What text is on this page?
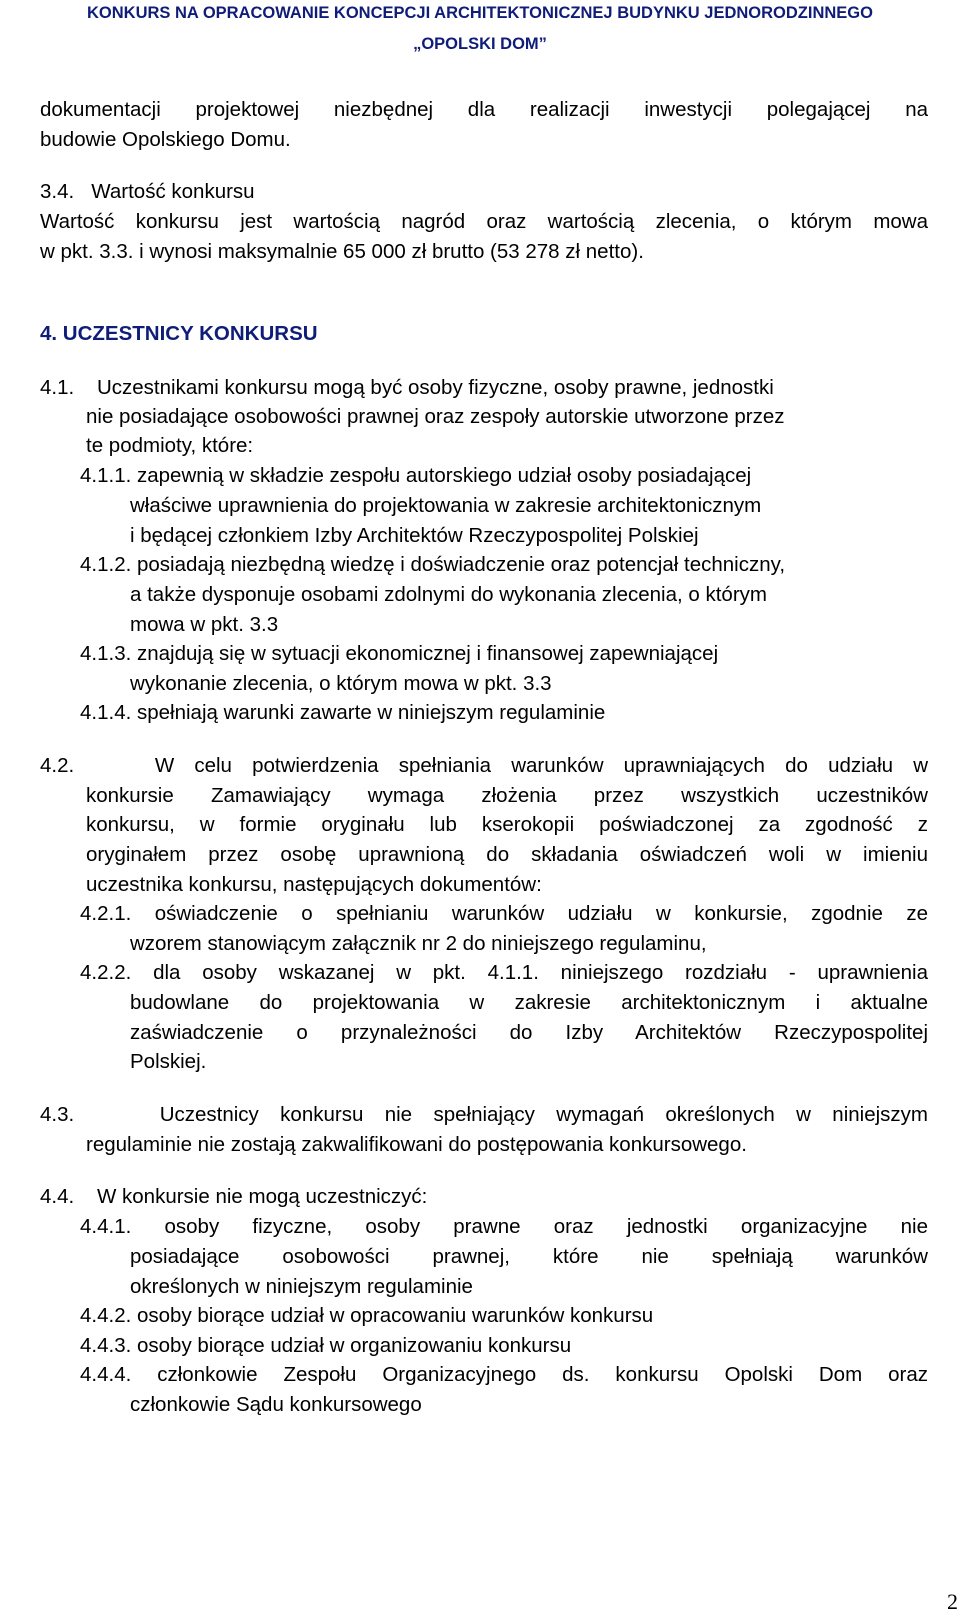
KONKURS NA OPRACOWANIE KONCEPCJI ARCHITEKTONICZNEJ BUDYNKU JEDNORODZINNEGO
„OPOLSKI DOM”
dokumentacji projektowej niezbędnej dla realizacji inwestycji polegającej na
budowie Opolskiego Domu.
3.4.   Wartość konkursu
Wartość konkursu jest wartością nagród oraz wartością zlecenia, o którym mowa
w pkt. 3.3. i wynosi maksymalnie 65 000 zł brutto (53 278 zł netto).
4. UCZESTNICY KONKURSU
4.1.    Uczestnikami konkursu mogą być osoby fizyczne, osoby prawne, jednostki
nie posiadające osobowości prawnej oraz zespoły autorskie utworzone przez
te podmioty, które:
4.1.1. zapewnią w składzie zespołu autorskiego udział osoby posiadającej
właściwe uprawnienia do projektowania w zakresie architektonicznym
i będącej członkiem Izby Architektów Rzeczypospolitej Polskiej
4.1.2. posiadają niezbędną wiedzę i doświadczenie oraz potencjał techniczny,
a także dysponuje osobami zdolnymi do wykonania zlecenia, o którym
mowa w pkt. 3.3
4.1.3. znajdują się w sytuacji ekonomicznej i finansowej zapewniającej
wykonanie zlecenia, o którym mowa w pkt. 3.3
4.1.4. spełniają warunki zawarte w niniejszym regulaminie
4.2.    W celu potwierdzenia spełniania warunków uprawniających do udziału w
konkursie Zamawiający wymaga złożenia przez wszystkich uczestników
konkursu, w formie oryginału lub kserokopii poświadczonej za zgodność z
oryginałem przez osobę uprawnioną do składania oświadczeń woli w imieniu
uczestnika konkursu, następujących dokumentów:
4.2.1. oświadczenie o spełnianiu warunków udziału w konkursie, zgodnie ze
wzorem stanowiącym załącznik nr 2 do niniejszego regulaminu,
4.2.2. dla osoby wskazanej w pkt. 4.1.1. niniejszego rozdziału - uprawnienia
budowlane do projektowania w zakresie architektonicznym i aktualne
zaświadczenie o przynależności do Izby Architektów Rzeczypospolitej
Polskiej.
4.3.    Uczestnicy konkursu nie spełniający wymagań określonych w niniejszym
regulaminie nie zostają zakwalifikowani do postępowania konkursowego.
4.4.    W konkursie nie mogą uczestniczyć:
4.4.1. osoby fizyczne, osoby prawne oraz jednostki organizacyjne nie
posiadające osobowości prawnej, które nie spełniają warunków
określonych w niniejszym regulaminie
4.4.2. osoby biorące udział w opracowaniu warunków konkursu
4.4.3. osoby biorące udział w organizowaniu konkursu
4.4.4. członkowie Zespołu Organizacyjnego ds. konkursu Opolski Dom oraz
członkowie Sądu konkursowego
2
